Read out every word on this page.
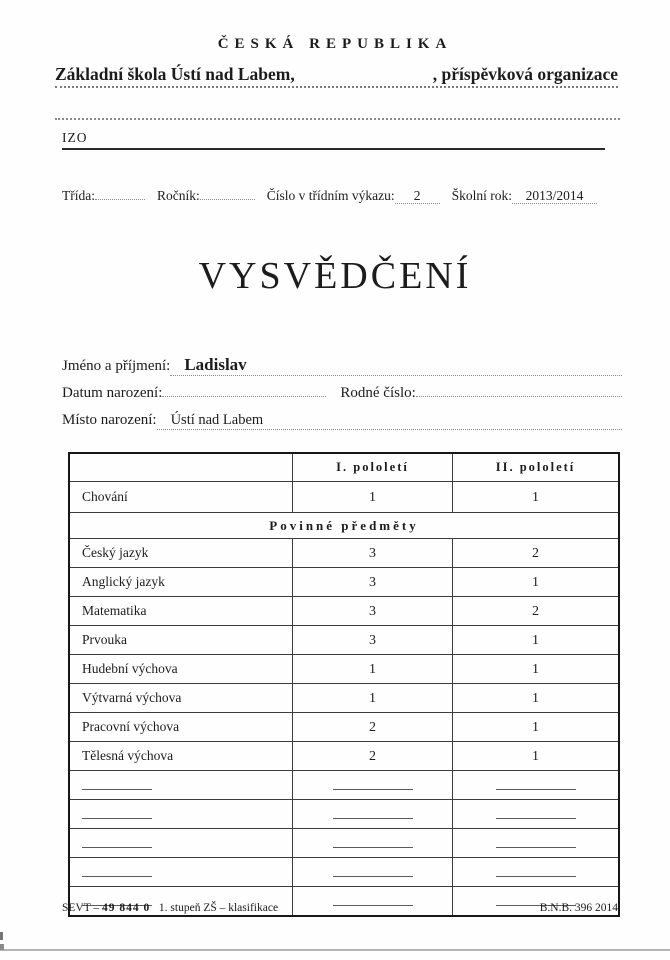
ČESKÁ REPUBLIKA
Základní škola Ústí nad Labem,	, příspěvková organizace
IZO
Třída:	Ročník:	Číslo v třídním výkazu:	2	Školní rok:	2013/2014
VYSVĚDČENÍ
Jméno a příjmení: Ladislav
Datum narození:	Rodné číslo:
Místo narození: Ústí nad Labem
	I. pololetí	II. pololetí
Chování	1	1
Povinné předměty		
Český jazyk	3	2
Anglický jazyk	3	1
Matematika	3	2
Prvouka	3	1
Hudební výchova	1	1
Výtvarná výchova	1	1
Pracovní výchova	2	1
Tělesná výchova	2	1

SEVT – 49 844 0 1. stupeň ZŠ – klasifikace	B.N.B. 396 2014
